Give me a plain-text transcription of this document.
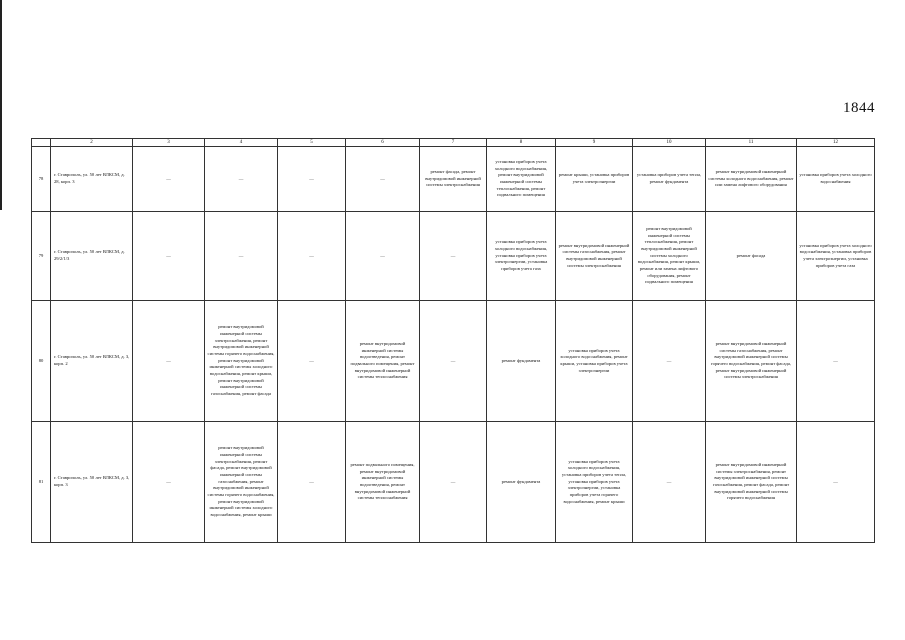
1844
	2	3	4	5	6	7	8	9	10	11	12
78	г. Ставрополь, ул. 50 лет ВЛКСМ, д. 28, корп. 3	—	—	—	—	ремонт фасада, ремонт внутридомовой инженерной системы электроснабжения	установка приборов учета холодного водоснабжения, ремонт внутридомовой инженерной системы теплоснабжения, ремонт подвального помещения	ремонт крыши, установка приборов учета электроэнергии	установка приборов учета тепла, ремонт фундамента	ремонт внутридомовой инженерной системы холодного водоснабжения, ремонт или замена лифтового оборудования	установка приборов учета холодного водоснабжения
79	г. Ставрополь, ул. 50 лет ВЛКСМ, д. 29/2/1/3	—	—	—	—	—	установка приборов учета холодного водоснабжения, установка приборов учета электроэнергии, установка приборов учета газа	ремонт внутридомовой инженерной системы газоснабжения, ремонт внутридомовой инженерной системы электроснабжения	ремонт внутридомовой инженерной системы теплоснабжения, ремонт внутридомовой инженерной системы холодного водоснабжения, ремонт крыши, ремонт или замена лифтового оборудования, ремонт подвального помещения	ремонт фасада	установка приборов учета холодного водоснабжения, установка приборов учета электроэнергии, установка приборов учета газа
80	г. Ставрополь, ул. 50 лет ВЛКСМ, д. 3, корп. 2	—	ремонт внутридомовой инженерной системы электроснабжения, ремонт внутридомовой инженерной системы горячего водоснабжения, ремонт внутридомовой инженерной системы холодного водоснабжения, ремонт крыши, ремонт внутридомовой инженерной системы газоснабжения, ремонт фасада	—	ремонт внутридомовой инженерной системы водоотведения, ремонт подвального помещения, ремонт внутридомовой инженерной системы теплоснабжения	—	ремонт фундамента	установка приборов учета холодного водоснабжения, ремонт крыши, установка приборов учета электроэнергии	—	ремонт внутридомовой инженерной системы газоснабжения, ремонт внутридомовой инженерной системы горячего водоснабжения, ремонт фасада, ремонт внутридомовой инженерной системы электроснабжения	—
81	г. Ставрополь, ул. 50 лет ВЛКСМ, д. 3, корп. 3	—	ремонт внутридомовой инженерной системы электроснабжения, ремонт фасада, ремонт внутридомовой инженерной системы газоснабжения, ремонт внутридомовой инженерной системы горячего водоснабжения, ремонт внутридомовой инженерной системы холодного водоснабжения, ремонт крыши	—	ремонт подвального помещения, ремонт внутридомовой инженерной системы водоотведения, ремонт внутридомовой инженерной системы теплоснабжения	—	ремонт фундамента	установка приборов учета холодного водоснабжения, установка приборов учета тепла, установка приборов учета электроэнергии, установка приборов учета горячего водоснабжения, ремонт крыши	—	ремонт внутридомовой инженерной системы электроснабжения, ремонт внутридомовой инженерной системы газоснабжения, ремонт фасада, ремонт внутридомовой инженерной системы горячего водоснабжения	—
